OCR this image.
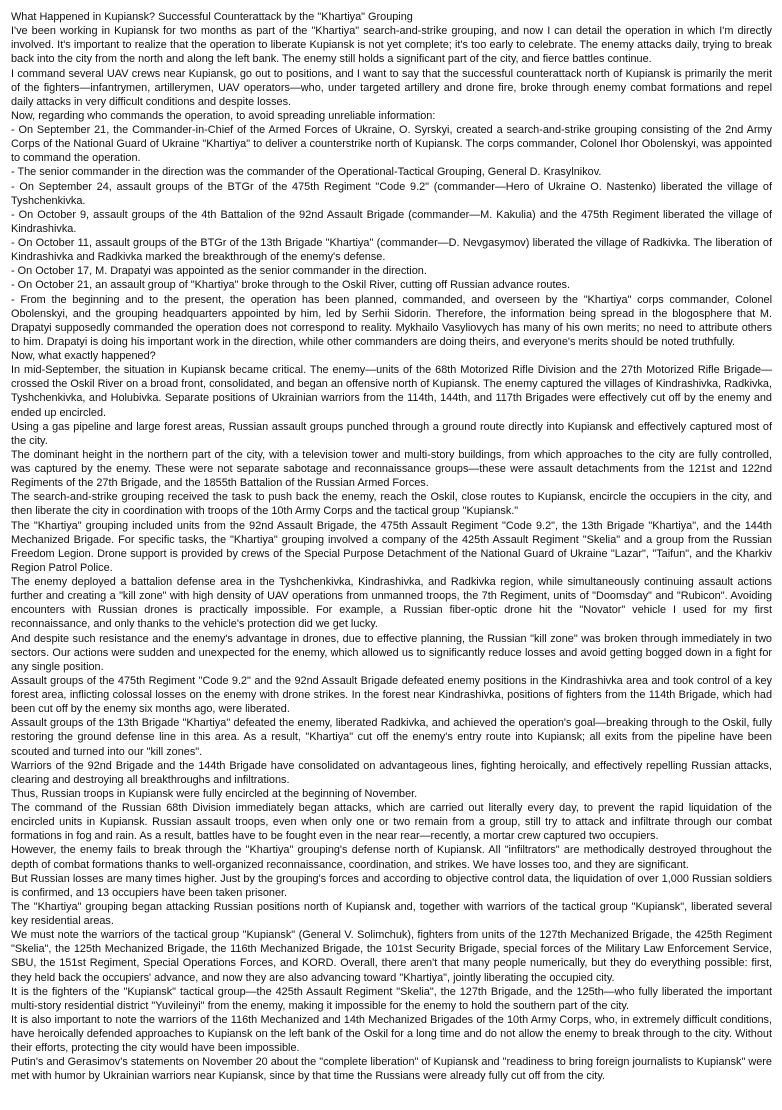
What Happened in Kupiansk? Successful Counterattack by the "Khartiya" Grouping

I've been working in Kupiansk for two months as part of the "Khartiya" search-and-strike grouping, and now I can detail the operation in which I'm directly involved. It's important to realize that the operation to liberate Kupiansk is not yet complete; it's too early to celebrate. The enemy attacks daily, trying to break back into the city from the north and along the left bank. The enemy still holds a significant part of the city, and fierce battles continue.

I command several UAV crews near Kupiansk, go out to positions, and I want to say that the successful counterattack north of Kupiansk is primarily the merit of the fighters—infantrymen, artillerymen, UAV operators—who, under targeted artillery and drone fire, broke through enemy combat formations and repel daily attacks in very difficult conditions and despite losses.

Now, regarding who commands the operation, to avoid spreading unreliable information:

- On September 21, the Commander-in-Chief of the Armed Forces of Ukraine, O. Syrskyi, created a search-and-strike grouping consisting of the 2nd Army Corps of the National Guard of Ukraine "Khartiya" to deliver a counterstrike north of Kupiansk. The corps commander, Colonel Ihor Obolenskyi, was appointed to command the operation.

- The senior commander in the direction was the commander of the Operational-Tactical Grouping, General D. Krasylnikov.

- On September 24, assault groups of the BTGr of the 475th Regiment "Code 9.2" (commander—Hero of Ukraine O. Nastenko) liberated the village of Tyshchenkivka.

- On October 9, assault groups of the 4th Battalion of the 92nd Assault Brigade (commander—M. Kakulia) and the 475th Regiment liberated the village of Kindrashivka.

- On October 11, assault groups of the BTGr of the 13th Brigade "Khartiya" (commander—D. Nevgasymov) liberated the village of Radkivka. The liberation of Kindrashivka and Radkivka marked the breakthrough of the enemy's defense.

- On October 17, M. Drapatyi was appointed as the senior commander in the direction.

- On October 21, an assault group of "Khartiya" broke through to the Oskil River, cutting off Russian advance routes.

- From the beginning and to the present, the operation has been planned, commanded, and overseen by the "Khartiya" corps commander, Colonel Obolenskyi, and the grouping headquarters appointed by him, led by Serhii Sidorin. Therefore, the information being spread in the blogosphere that M. Drapatyi supposedly commanded the operation does not correspond to reality. Mykhailo Vasyliovych has many of his own merits; no need to attribute others to him. Drapatyi is doing his important work in the direction, while other commanders are doing theirs, and everyone's merits should be noted truthfully.

Now, what exactly happened?

In mid-September, the situation in Kupiansk became critical. The enemy—units of the 68th Motorized Rifle Division and the 27th Motorized Rifle Brigade—crossed the Oskil River on a broad front, consolidated, and began an offensive north of Kupiansk. The enemy captured the villages of Kindrashivka, Radkivka, Tyshchenkivka, and Holubivka. Separate positions of Ukrainian warriors from the 114th, 144th, and 117th Brigades were effectively cut off by the enemy and ended up encircled.

Using a gas pipeline and large forest areas, Russian assault groups punched through a ground route directly into Kupiansk and effectively captured most of the city.

The dominant height in the northern part of the city, with a television tower and multi-story buildings, from which approaches to the city are fully controlled, was captured by the enemy. These were not separate sabotage and reconnaissance groups—these were assault detachments from the 121st and 122nd Regiments of the 27th Brigade, and the 1855th Battalion of the Russian Armed Forces.

The search-and-strike grouping received the task to push back the enemy, reach the Oskil, close routes to Kupiansk, encircle the occupiers in the city, and then liberate the city in coordination with troops of the 10th Army Corps and the tactical group "Kupiansk."

The "Khartiya" grouping included units from the 92nd Assault Brigade, the 475th Assault Regiment "Code 9.2", the 13th Brigade "Khartiya", and the 144th Mechanized Brigade. For specific tasks, the "Khartiya" grouping involved a company of the 425th Assault Regiment "Skelia" and a group from the Russian Freedom Legion. Drone support is provided by crews of the Special Purpose Detachment of the National Guard of Ukraine "Lazar", "Taifun", and the Kharkiv Region Patrol Police.

The enemy deployed a battalion defense area in the Tyshchenkivka, Kindrashivka, and Radkivka region, while simultaneously continuing assault actions further and creating a "kill zone" with high density of UAV operations from unmanned troops, the 7th Regiment, units of "Doomsday" and "Rubicon". Avoiding encounters with Russian drones is practically impossible. For example, a Russian fiber-optic drone hit the "Novator" vehicle I used for my first reconnaissance, and only thanks to the vehicle's protection did we get lucky.

And despite such resistance and the enemy's advantage in drones, due to effective planning, the Russian "kill zone" was broken through immediately in two sectors. Our actions were sudden and unexpected for the enemy, which allowed us to significantly reduce losses and avoid getting bogged down in a fight for any single position.

Assault groups of the 475th Regiment "Code 9.2" and the 92nd Assault Brigade defeated enemy positions in the Kindrashivka area and took control of a key forest area, inflicting colossal losses on the enemy with drone strikes. In the forest near Kindrashivka, positions of fighters from the 114th Brigade, which had been cut off by the enemy six months ago, were liberated.

Assault groups of the 13th Brigade "Khartiya" defeated the enemy, liberated Radkivka, and achieved the operation's goal—breaking through to the Oskil, fully restoring the ground defense line in this area. As a result, "Khartiya" cut off the enemy's entry route into Kupiansk; all exits from the pipeline have been scouted and turned into our "kill zones".

Warriors of the 92nd Brigade and the 144th Brigade have consolidated on advantageous lines, fighting heroically, and effectively repelling Russian attacks, clearing and destroying all breakthroughs and infiltrations.

Thus, Russian troops in Kupiansk were fully encircled at the beginning of November.

The command of the Russian 68th Division immediately began attacks, which are carried out literally every day, to prevent the rapid liquidation of the encircled units in Kupiansk. Russian assault troops, even when only one or two remain from a group, still try to attack and infiltrate through our combat formations in fog and rain. As a result, battles have to be fought even in the near rear—recently, a mortar crew captured two occupiers.

However, the enemy fails to break through the "Khartiya" grouping's defense north of Kupiansk. All "infiltrators" are methodically destroyed throughout the depth of combat formations thanks to well-organized reconnaissance, coordination, and strikes. We have losses too, and they are significant.

But Russian losses are many times higher. Just by the grouping's forces and according to objective control data, the liquidation of over 1,000 Russian soldiers is confirmed, and 13 occupiers have been taken prisoner.

The "Khartiya" grouping began attacking Russian positions north of Kupiansk and, together with warriors of the tactical group "Kupiansk", liberated several key residential areas.

We must note the warriors of the tactical group "Kupiansk" (General V. Solimchuk), fighters from units of the 127th Mechanized Brigade, the 425th Regiment "Skelia", the 125th Mechanized Brigade, the 116th Mechanized Brigade, the 101st Security Brigade, special forces of the Military Law Enforcement Service, SBU, the 151st Regiment, Special Operations Forces, and KORD. Overall, there aren't that many people numerically, but they do everything possible: first, they held back the occupiers' advance, and now they are also advancing toward "Khartiya", jointly liberating the occupied city.

It is the fighters of the "Kupiansk" tactical group—the 425th Assault Regiment "Skelia", the 127th Brigade, and the 125th—who fully liberated the important multi-story residential district "Yuvileinyi" from the enemy, making it impossible for the enemy to hold the southern part of the city.

It is also important to note the warriors of the 116th Mechanized and 14th Mechanized Brigades of the 10th Army Corps, who, in extremely difficult conditions, have heroically defended approaches to Kupiansk on the left bank of the Oskil for a long time and do not allow the enemy to break through to the city. Without their efforts, protecting the city would have been impossible.

Putin's and Gerasimov's statements on November 20 about the "complete liberation" of Kupiansk and "readiness to bring foreign journalists to Kupiansk" were met with humor by Ukrainian warriors near Kupiansk, since by that time the Russians were already fully cut off from the city.
